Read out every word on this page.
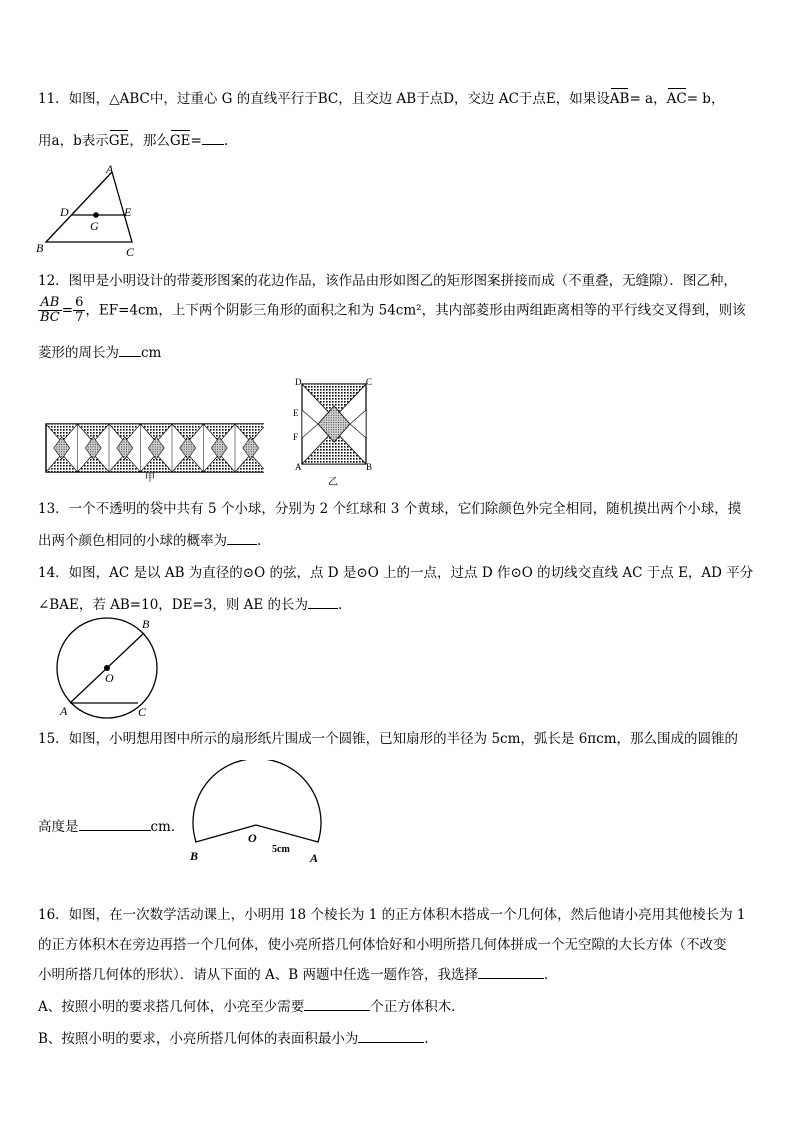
11．如图，△ABC中，过重心 G 的直线平行于BC，且交边 AB于点D，交边 AC于点E，如果设AB= a，AC= b，
用a，b表示GE，那么GE= .
A
D	E
G
B	C
12．图甲是小明设计的带菱形图案的花边作品，该作品由形如图乙的矩形图案拼接而成（不重叠，无缝隙）．图乙种，
$\frac{AB}{BC} = \frac{6}{7}$ ，EF=4cm，上下两个阴影三角形的面积之和为 54cm²，其内部菱形由两组距离相等的平行线交叉得到，则该
菱形的周长为 cm
甲
D	C
E
F
A	B
乙
13．一个不透明的袋中共有 5 个小球，分别为 2 个红球和 3 个黄球，它们除颜色外完全相同，随机摸出两个小球，摸
出两个颜色相同的小球的概率为 .
14．如图，AC 是以 AB 为直径的⊙O 的弦，点 D 是⊙O 上的一点，过点 D 作⊙O 的切线交直线 AC 于点 E，AD 平分
∠BAE，若 AB=10，DE=3，则 AE 的长为 ．
B
O
A	C
15．如图，小明想用图中所示的扇形纸片围成一个圆锥，已知扇形的半径为 5cm，弧长是 6πcm，那么围成的圆锥的
高度是	cm．
O
B	A
5cm
16．如图，在一次数学活动课上，小明用 18 个棱长为 1 的正方体积木搭成一个几何体，然后他请小亮用其他棱长为 1
的正方体积木在旁边再搭一个几何体，使小亮所搭几何体恰好和小明所搭几何体拼成一个无空隙的大长方体（不改变
小明所搭几何体的形状）．请从下面的 A、B 两题中任选一题作答，我选择	．
A、按照小明的要求搭几何体，小亮至少需要	个正方体积木．
B、按照小明的要求，小亮所搭几何体的表面积最小为	．
